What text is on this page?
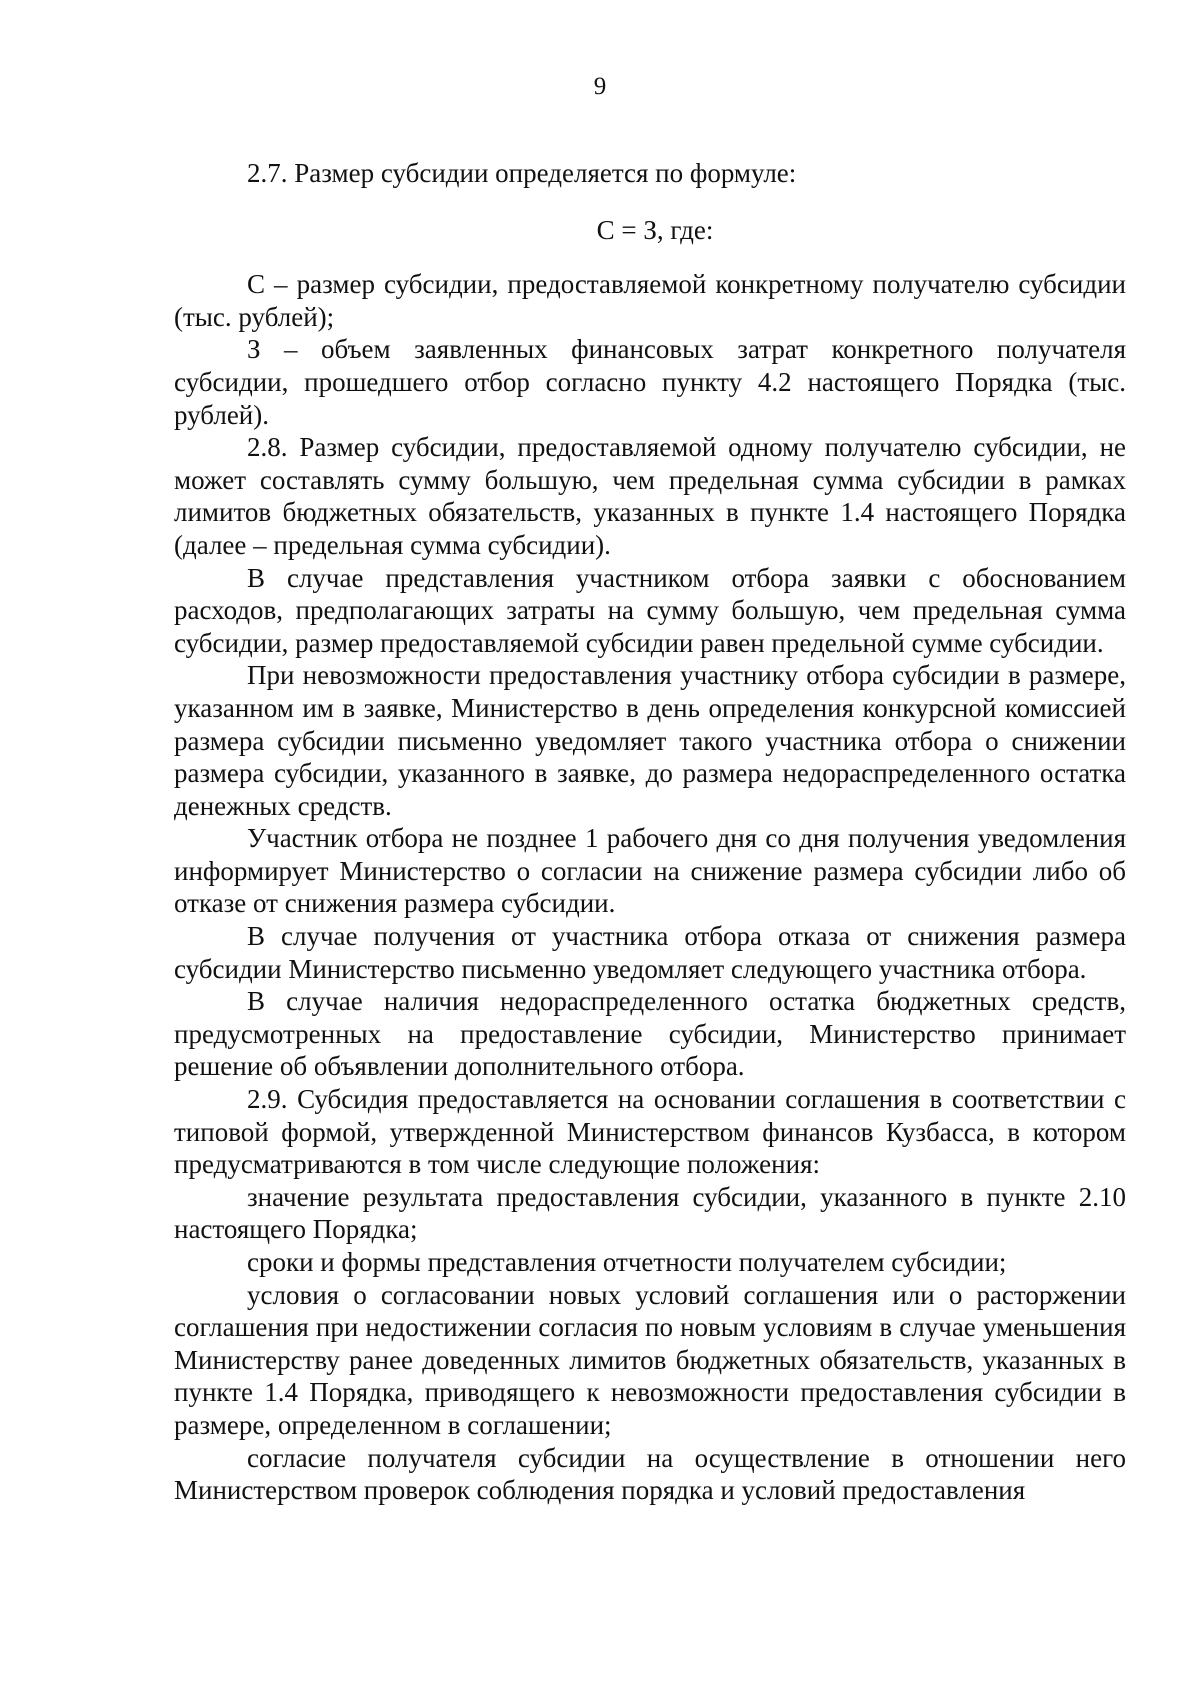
9

2.7. Размер субсидии определяется по формуле:

С = З, где:

С – размер субсидии, предоставляемой конкретному получателю субсидии (тыс. рублей);

З – объем заявленных финансовых затрат конкретного получателя субсидии, прошедшего отбор согласно пункту 4.2 настоящего Порядка (тыс. рублей).

2.8. Размер субсидии, предоставляемой одному получателю субсидии, не может составлять сумму большую, чем предельная сумма субсидии в рамках лимитов бюджетных обязательств, указанных в пункте 1.4 настоящего Порядка (далее – предельная сумма субсидии).

В случае представления участником отбора заявки с обоснованием расходов, предполагающих затраты на сумму большую, чем предельная сумма субсидии, размер предоставляемой субсидии равен предельной сумме субсидии.

При невозможности предоставления участнику отбора субсидии в размере, указанном им в заявке, Министерство в день определения конкурсной комиссией размера субсидии письменно уведомляет такого участника отбора о снижении размера субсидии, указанного в заявке, до размера недораспределенного остатка денежных средств.

Участник отбора не позднее 1 рабочего дня со дня получения уведомления информирует Министерство о согласии на снижение размера субсидии либо об отказе от снижения размера субсидии.

В случае получения от участника отбора отказа от снижения размера субсидии Министерство письменно уведомляет следующего участника отбора.

В случае наличия недораспределенного остатка бюджетных средств, предусмотренных на предоставление субсидии, Министерство принимает решение об объявлении дополнительного отбора.

2.9. Субсидия предоставляется на основании соглашения в соответствии с типовой формой, утвержденной Министерством финансов Кузбасса, в котором предусматриваются в том числе следующие положения:

значение результата предоставления субсидии, указанного в пункте 2.10 настоящего Порядка;

сроки и формы представления отчетности получателем субсидии;

условия о согласовании новых условий соглашения или о расторжении соглашения при недостижении согласия по новым условиям в случае уменьшения Министерству ранее доведенных лимитов бюджетных обязательств, указанных в пункте 1.4 Порядка, приводящего к невозможности предоставления субсидии в размере, определенном в соглашении;

согласие получателя субсидии на осуществление в отношении него Министерством проверок соблюдения порядка и условий предоставления
